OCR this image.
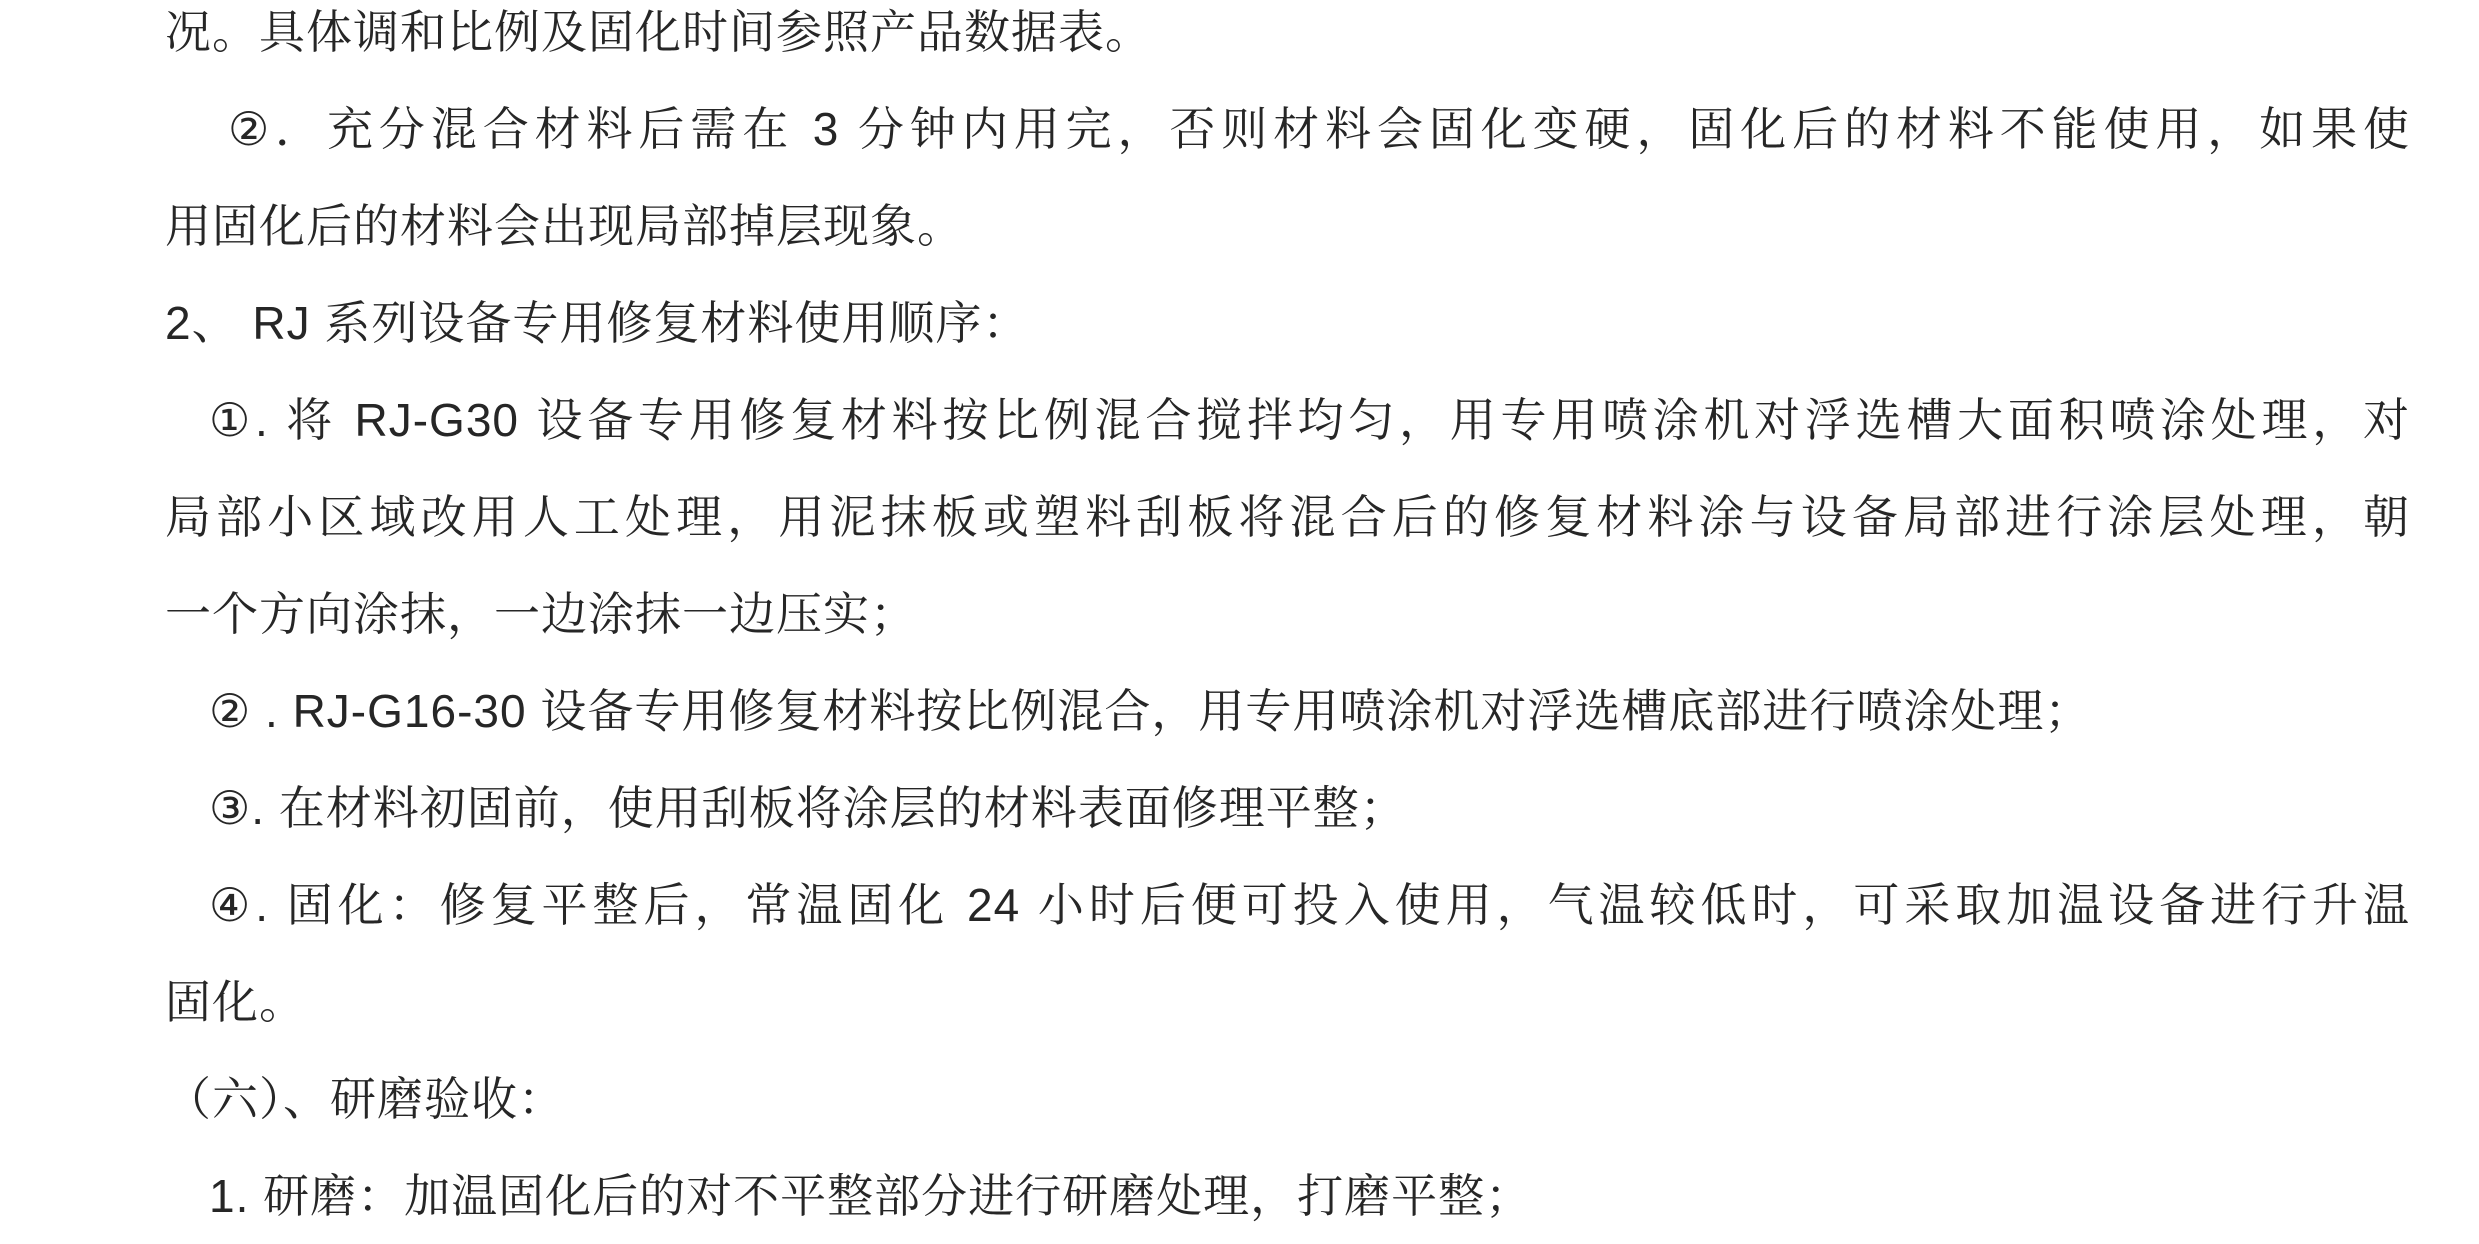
况。具体调和比例及固化时间参照产品数据表。
②．充分混合材料后需在 3 分钟内用完，否则材料会固化变硬，固化后的材料不能使用，如果使
用固化后的材料会出现局部掉层现象。
2、 RJ 系列设备专用修复材料使用顺序：
①. 将 RJ-G30 设备专用修复材料按比例混合搅拌均匀，用专用喷涂机对浮选槽大面积喷涂处理，对
局部小区域改用人工处理，用泥抹板或塑料刮板将混合后的修复材料涂与设备局部进行涂层处理，朝
一个方向涂抹，一边涂抹一边压实；
② . RJ-G16-30 设备专用修复材料按比例混合，用专用喷涂机对浮选槽底部进行喷涂处理；
③. 在材料初固前，使用刮板将涂层的材料表面修理平整；
④. 固化：修复平整后，常温固化 24 小时后便可投入使用，气温较低时，可采取加温设备进行升温
固化。
（六）、研磨验收：
1. 研磨：加温固化后的对不平整部分进行研磨处理，打磨平整；
